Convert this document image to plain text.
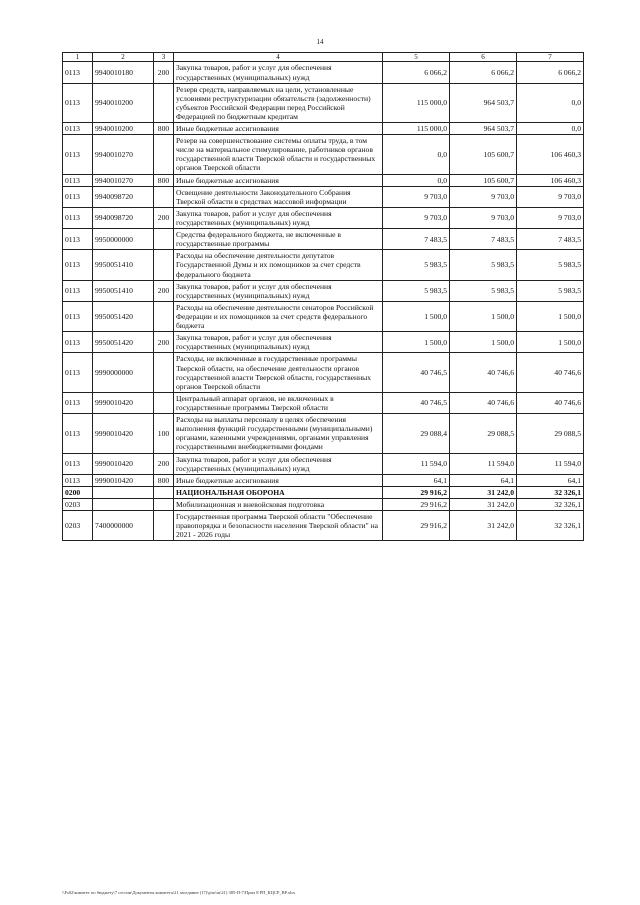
14
1	2	3	4	5	6	7
0113	9940010180	200	Закупка товаров, работ и услуг для обеспечения государственных (муниципальных) нужд	6 066,2	6 066,2	6 066,2
0113	9940010200		Резерв средств, направляемых на цели, установленные условиями реструктуризации обязательств (задолженности) субъектов Российской Федерации перед Российской Федерацией по бюджетным кредитам	115 000,0	964 503,7	0,0
0113	9940010200	800	Иные бюджетные ассигнования	115 000,0	964 503,7	0,0
0113	9940010270		Резерв на совершенствование системы оплаты труда, в том числе на материальное стимулирование, работников органов государственной власти Тверской области и государственных органов Тверской области	0,0	105 600,7	106 460,3
0113	9940010270	800	Иные бюджетные ассигнования	0,0	105 600,7	106 460,3
0113	9940098720		Освещение деятельности Законодательного Собрания Тверской области в средствах массовой информации	9 703,0	9 703,0	9 703,0
0113	9940098720	200	Закупка товаров, работ и услуг для обеспечения государственных (муниципальных) нужд	9 703,0	9 703,0	9 703,0
0113	9950000000		Средства федерального бюджета, не включенные в государственные программы	7 483,5	7 483,5	7 483,5
0113	9950051410		Расходы на обеспечение деятельности депутатов Государственной Думы и их помощников за счет средств федерального бюджета	5 983,5	5 983,5	5 983,5
0113	9950051410	200	Закупка товаров, работ и услуг для обеспечения государственных (муниципальных) нужд	5 983,5	5 983,5	5 983,5
0113	9950051420		Расходы на обеспечение деятельности сенаторов Российской Федерации и их помощников за счет средств федерального бюджета	1 500,0	1 500,0	1 500,0
0113	9950051420	200	Закупка товаров, работ и услуг для обеспечения государственных (муниципальных) нужд	1 500,0	1 500,0	1 500,0
0113	9990000000		Расходы, не включенные в государственные программы Тверской области, на обеспечение деятельности органов государственной власти Тверской области, государственных органов Тверской области	40 746,5	40 746,6	40 746,6
0113	9990010420		Центральный аппарат органов, не включенных в государственные программы Тверской области	40 746,5	40 746,6	40 746,6
0113	9990010420	100	Расходы на выплаты персоналу в целях обеспечения выполнения функций государственными (муниципальными) органами, казенными учреждениями, органами управления государственными внебюджетными фондами	29 088,4	29 088,5	29 088,5
0113	9990010420	200	Закупка товаров, работ и услуг для обеспечения государственных (муниципальных) нужд	11 594,0	11 594,0	11 594,0
0113	9990010420	800	Иные бюджетные ассигнования	64,1	64,1	64,1
0200			НАЦИОНАЛЬНАЯ ОБОРОНА	29 916,2	31 242,0	32 326,1
0203			Мобилизационная и вневойсковая подготовка	29 916,2	31 242,0	32 326,1
0203	7400000000		Государственная программа Тверской области "Обеспечение правопорядка и безопасности населения Тверской области" на 2021 - 2026 годы	29 916,2	31 242,0	32 326,1
\\Fs02\комитет по бюджету\7 сессии\Документы комитета\21 заседание (17)\р\ш\ш\21) 385-П-7\Прил 8 РП_КЦСР_ВР.xlsx
